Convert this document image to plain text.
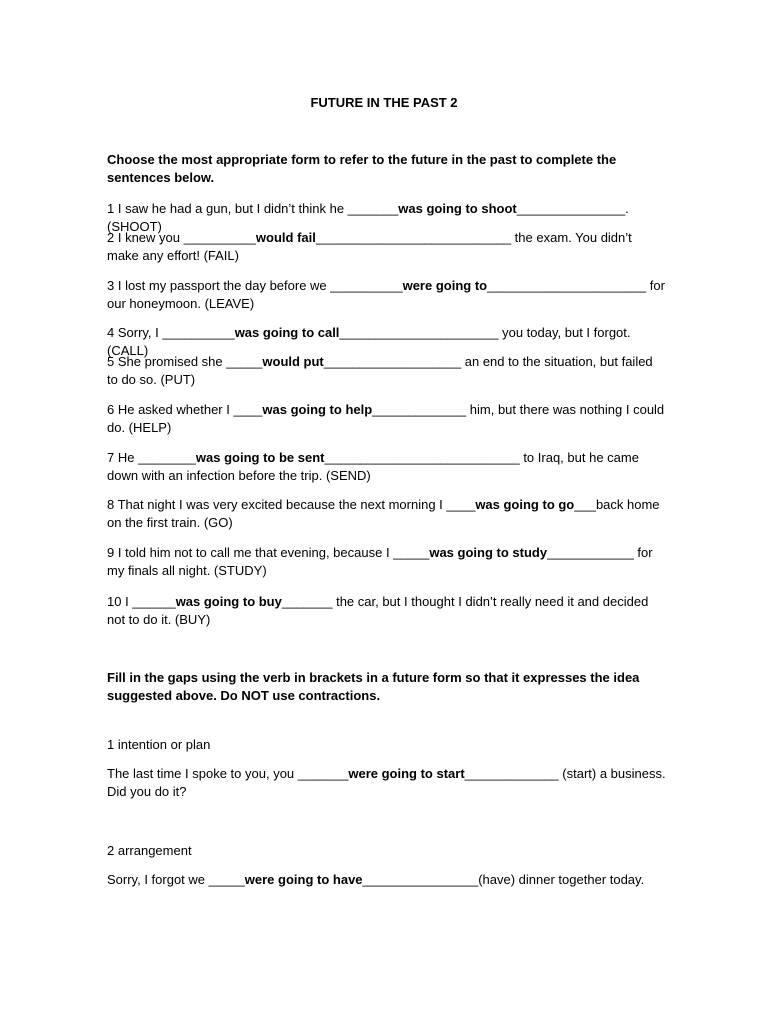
FUTURE IN THE PAST 2
Choose the most appropriate form to refer to the future in the past to complete the sentences below.
1 I saw he had a gun, but I didn’t think he _______was going to shoot_______________. (SHOOT)
2 I knew you __________would fail___________________________ the exam. You didn’t make any effort! (FAIL)
3 I lost my passport the day before we __________were going to______________________ for our honeymoon. (LEAVE)
4 Sorry, I __________was going to call______________________ you today, but I forgot. (CALL)
5 She promised she _____would put___________________ an end to the situation, but failed to do so. (PUT)
6 He asked whether I ____was going to help_____________ him, but there was nothing I could do. (HELP)
7 He ________was going to be sent___________________________ to Iraq, but he came down with an infection before the trip. (SEND)
8 That night I was very excited because the next morning I ____was going to go___back home on the first train. (GO)
9 I told him not to call me that evening, because I _____was going to study____________ for my finals all night. (STUDY)
10 I ______was going to buy_______ the car, but I thought I didn’t really need it and decided not to do it. (BUY)
Fill in the gaps using the verb in brackets in a future form so that it expresses the idea suggested above. Do NOT use contractions.
1 intention or plan
The last time I spoke to you, you _______were going to start_____________ (start) a business. Did you do it?
2 arrangement
Sorry, I forgot we _____were going to have________________(have) dinner together today.
